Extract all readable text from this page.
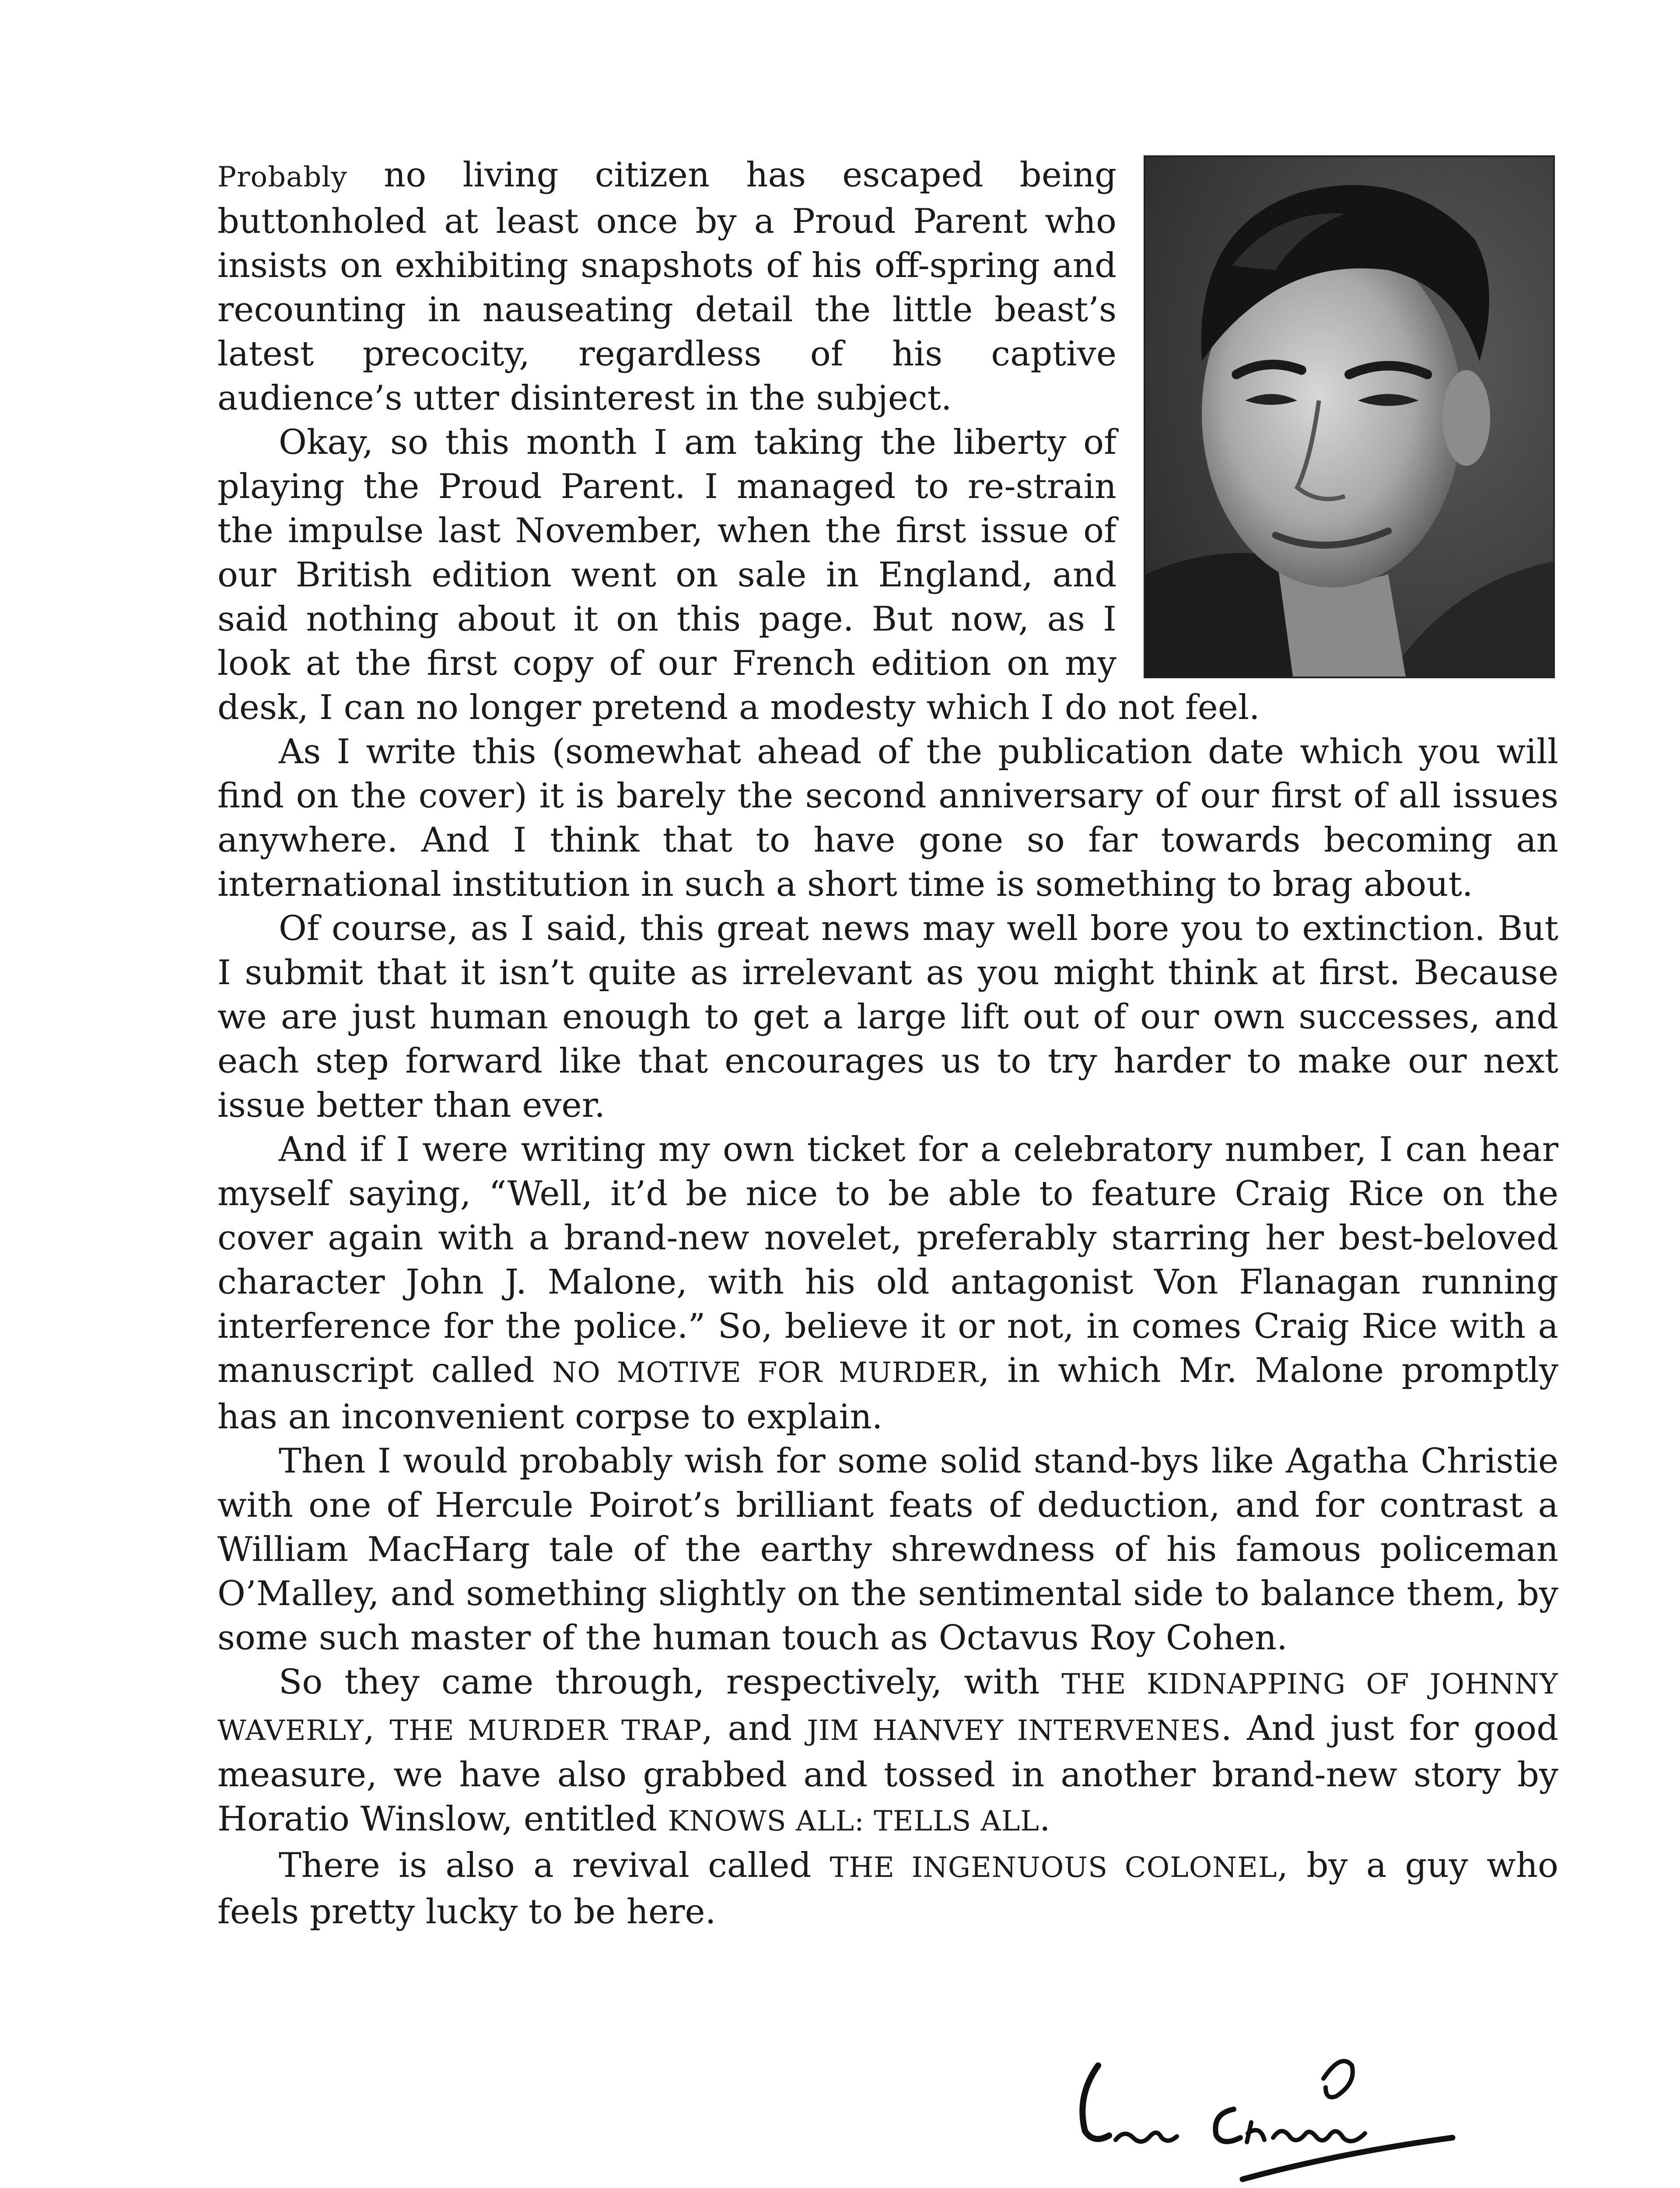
Probably no living citizen has escaped being buttonholed at least once by a Proud Parent who insists on exhibiting snapshots of his off-spring and recounting in nauseating detail the little beast’s latest precocity, regardless of his captive audience’s utter disinterest in the subject.

Okay, so this month I am taking the liberty of playing the Proud Parent. I managed to re-strain the impulse last November, when the first issue of our British edition went on sale in England, and said nothing about it on this page. But now, as I look at the first copy of our French edition on my desk, I can no longer pretend a modesty which I do not feel.

As I write this (somewhat ahead of the publication date which you will find on the cover) it is barely the second anniversary of our first of all issues anywhere. And I think that to have gone so far towards becoming an international institution in such a short time is something to brag about.

Of course, as I said, this great news may well bore you to extinction. But I submit that it isn’t quite as irrelevant as you might think at first. Because we are just human enough to get a large lift out of our own successes, and each step forward like that encourages us to try harder to make our next issue better than ever.

And if I were writing my own ticket for a celebratory number, I can hear myself saying, “Well, it’d be nice to be able to feature Craig Rice on the cover again with a brand-new novelet, preferably starring her best-beloved character John J. Malone, with his old antagonist Von Flanagan running interference for the police.” So, believe it or not, in comes Craig Rice with a manuscript called NO MOTIVE FOR MURDER, in which Mr. Malone promptly has an inconvenient corpse to explain.

Then I would probably wish for some solid stand-bys like Agatha Christie with one of Hercule Poirot’s brilliant feats of deduction, and for contrast a William MacHarg tale of the earthy shrewdness of his famous policeman O’Malley, and something slightly on the sentimental side to balance them, by some such master of the human touch as Octavus Roy Cohen.

So they came through, respectively, with THE KIDNAPPING OF JOHNNY WAVERLY, THE MURDER TRAP, and JIM HANVEY INTERVENES. And just for good measure, we have also grabbed and tossed in another brand-new story by Horatio Winslow, entitled KNOWS ALL: TELLS ALL.

There is also a revival called THE INGENUOUS COLONEL, by a guy who feels pretty lucky to be here.
